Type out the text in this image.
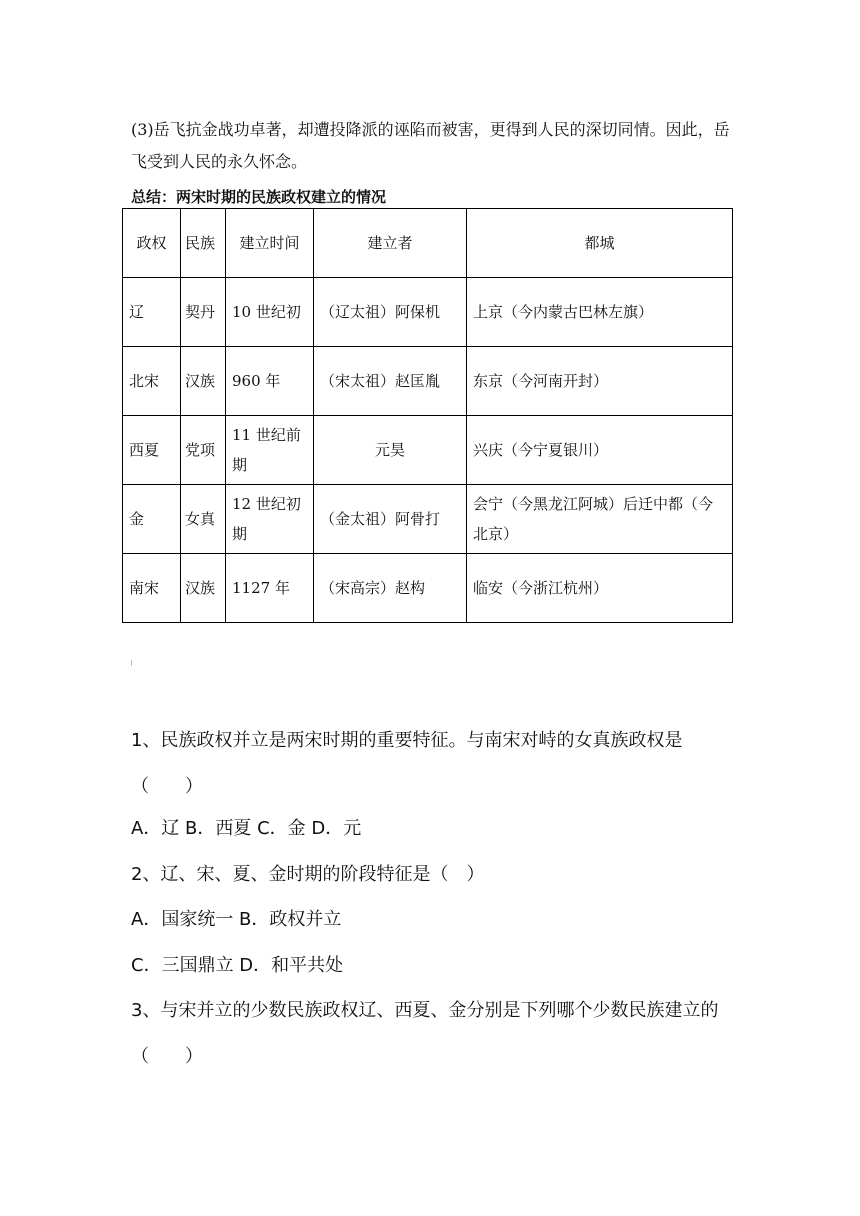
(3)岳飞抗金战功卓著，却遭投降派的诬陷而被害，更得到人民的深切同情。因此，岳飞受到人民的永久怀念。

总结：两宋时期的民族政权建立的情况
政权	民族	建立时间	建立者	都城
辽	契丹	10 世纪初	（辽太祖）阿保机	上京（今内蒙古巴林左旗）
北宋	汉族	960 年	（宋太祖）赵匡胤	东京（今河南开封）
西夏	党项	11 世纪前期	元昊	兴庆（今宁夏银川）
金	女真	12 世纪初期	（金太祖）阿骨打	会宁（今黑龙江阿城）后迁中都（今北京）
南宋	汉族	1127 年	（宋高宗）赵构	临安（今浙江杭州）

1、民族政权并立是两宋时期的重要特征。与南宋对峙的女真族政权是（　　）

A．辽 B．西夏 C．金 D．元

2、辽、宋、夏、金时期的阶段特征是（　）

A．国家统一 B．政权并立

C．三国鼎立 D．和平共处

3、与宋并立的少数民族政权辽、西夏、金分别是下列哪个少数民族建立的（　　）
